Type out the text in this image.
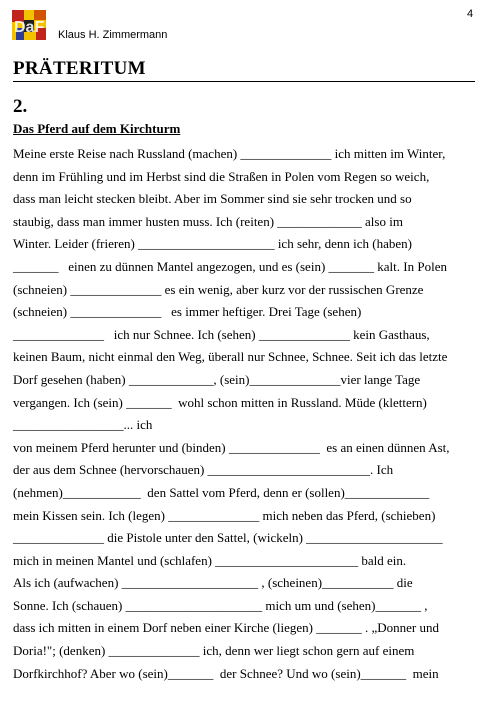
DaF Klaus H. Zimmermann
4
PRÄTERITUM
2.
Das Pferd auf dem Kirchturm
Meine erste Reise nach Russland (machen) ______________ ich mitten im Winter,
denn im Frühling und im Herbst sind die Straßen in Polen vom Regen so weich,
dass man leicht stecken bleibt. Aber im Sommer sind sie sehr trocken und so
staubig, dass man immer husten muss. Ich (reiten) _____________ also im
Winter. Leider (frieren) _____________________ ich sehr, denn ich (haben)
_______   einen zu dünnen Mantel angezogen, und es (sein) _______ kalt. In Polen
(schneien) ______________ es ein wenig, aber kurz vor der russischen Grenze
(schneien) ______________   es immer heftiger. Drei Tage (sehen)
______________   ich nur Schnee. Ich (sehen) ______________ kein Gasthaus,
keinen Baum, nicht einmal den Weg, überall nur Schnee, Schnee. Seit ich das letzte
Dorf gesehen (haben) _____________, (sein)______________vier lange Tage
vergangen. Ich (sein) _______  wohl schon mitten in Russland. Müde (klettern)
_________________... ich
von meinem Pferd herunter und (binden) ______________  es an einen dünnen Ast,
der aus dem Schnee (hervorschauen) _________________________. Ich
(nehmen)____________  den Sattel vom Pferd, denn er (sollen)_____________
mein Kissen sein. Ich (legen) ______________ mich neben das Pferd, (schieben)
______________ die Pistole unter den Sattel, (wickeln) _____________________
mich in meinen Mantel und (schlafen) ______________________ bald ein.
Als ich (aufwachen) _____________________ , (scheinen)___________ die
Sonne. Ich (schauen) _____________________ mich um und (sehen)_______ ,
dass ich mitten in einem Dorf neben einer Kirche (liegen) _______ . „Donner und
Doria!"; (denken) ______________ ich, denn wer liegt schon gern auf einem
Dorfkirchhof? Aber wo (sein)_______  der Schnee? Und wo (sein)_______  mein
